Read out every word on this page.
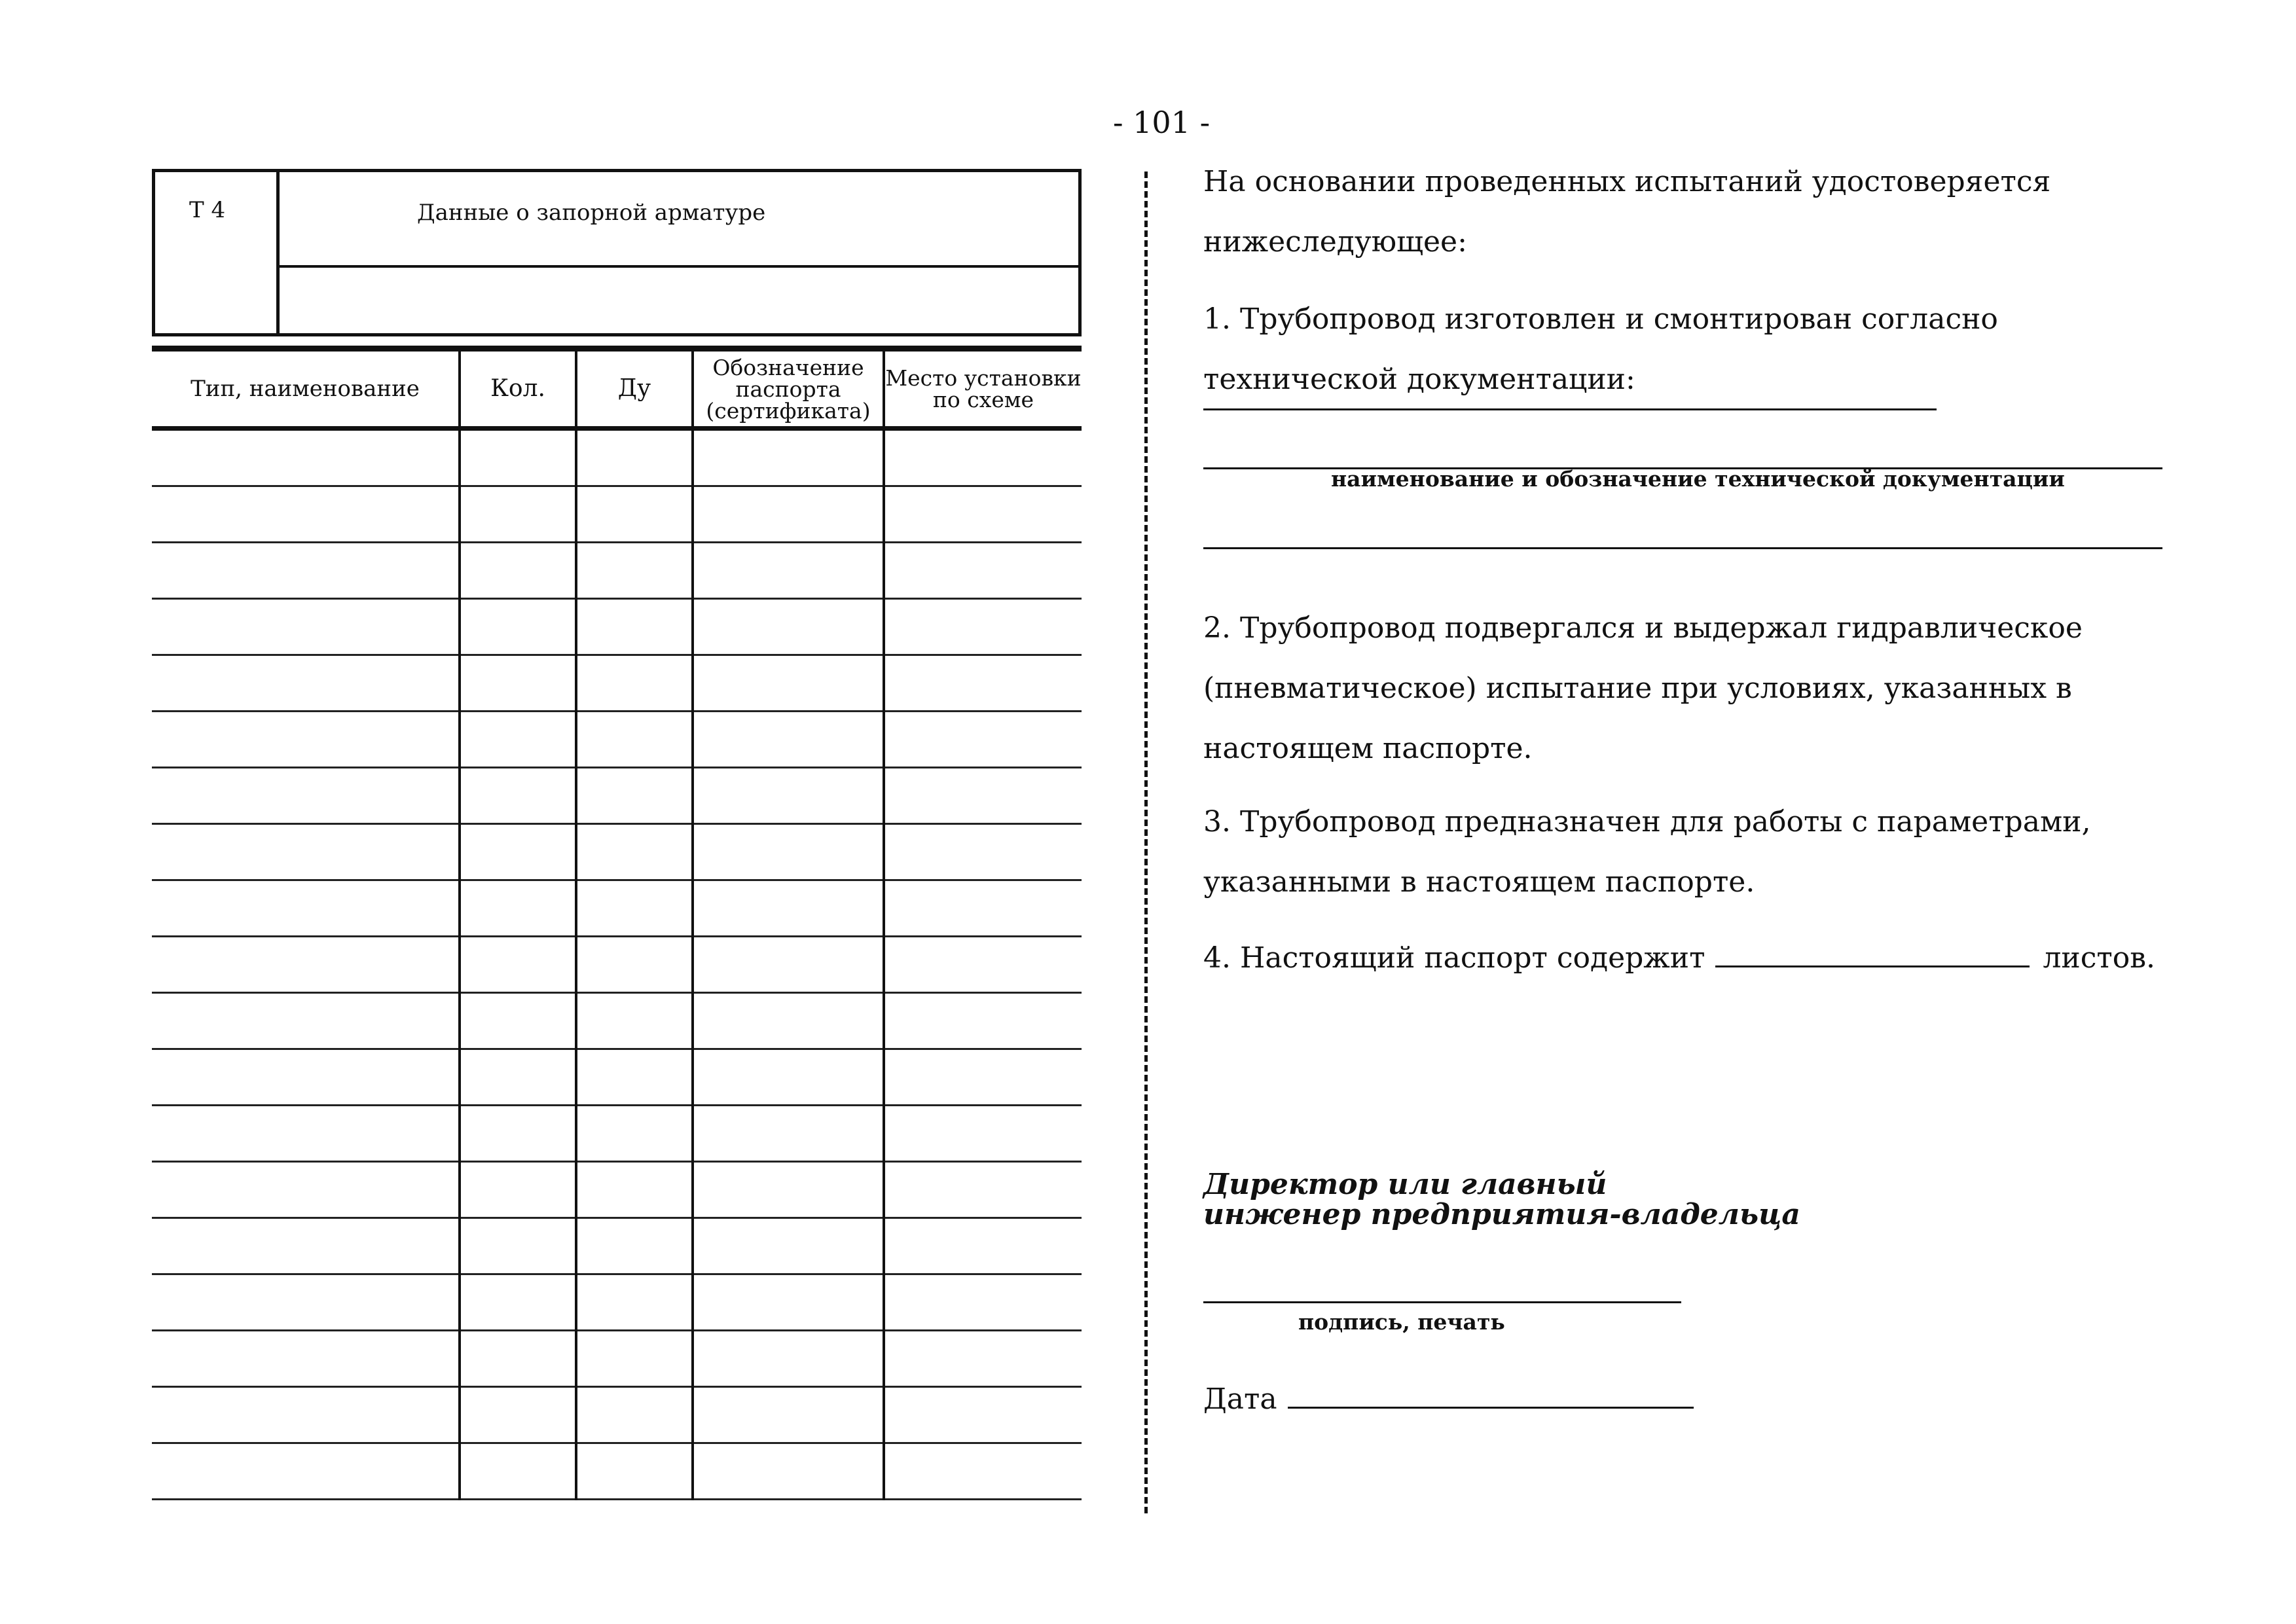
- 101 -
Т 4	Данные о запорной арматуре
Тип, наименование	Кол.	Ду	Обозначение паспорта (сертификата)	Место установки по схеме

На основании проведенных испытаний удостоверяется нижеследующее:

1. Трубопровод изготовлен и смонтирован согласно технической документации:

наименование и обозначение технической документации

2. Трубопровод подвергался и выдержал гидравлическое (пневматическое) испытание при условиях, указанных в настоящем паспорте.

3. Трубопровод предназначен для работы с параметрами, указанными в настоящем паспорте.

4. Настоящий паспорт содержит	листов.
Директор или главный
инженер предприятия-владельца
подпись, печать
Дата
